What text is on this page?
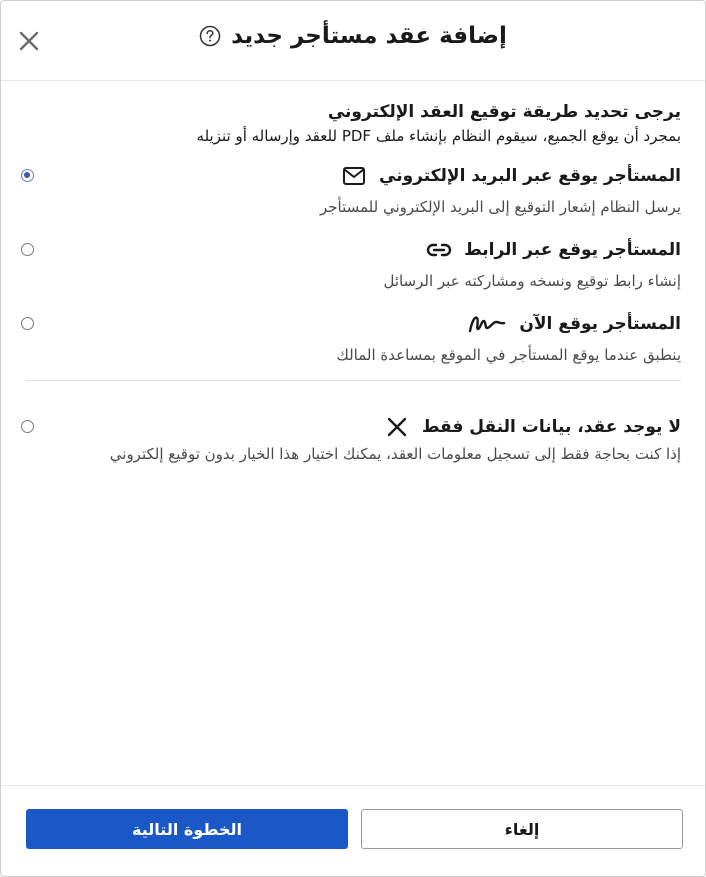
إضافة عقد مستأجر جديد
يرجى تحديد طريقة توقيع العقد الإلكتروني
بمجرد أن يوقع الجميع، سيقوم النظام بإنشاء ملف PDF للعقد وإرساله أو تنزيله
المستأجر يوقع عبر البريد الإلكتروني
يرسل النظام إشعار التوقيع إلى البريد الإلكتروني للمستأجر
المستأجر يوقع عبر الرابط
إنشاء رابط توقيع ونسخه ومشاركته عبر الرسائل
المستأجر يوقع الآن
ينطبق عندما يوقع المستأجر في الموقع بمساعدة المالك
لا يوجد عقد، بيانات النقل فقط
إذا كنت بحاجة فقط إلى تسجيل معلومات العقد، يمكنك اختيار هذا الخيار بدون توقيع إلكتروني
الخطوة التالية	إلغاء
